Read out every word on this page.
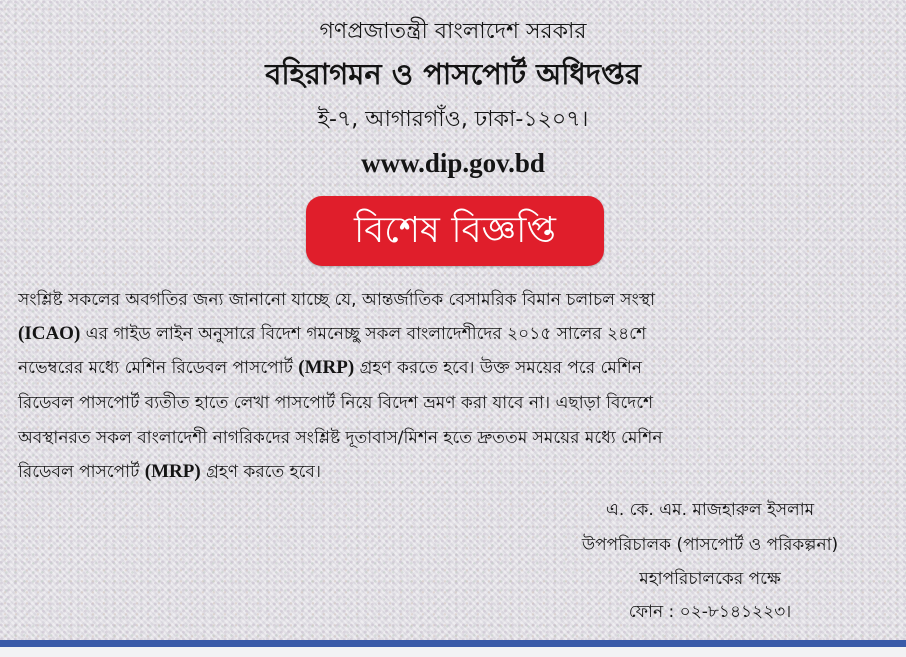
গণপ্রজাতন্ত্রী বাংলাদেশ সরকার
বহিরাগমন ও পাসপোর্ট অধিদপ্তর
ই-৭, আগারগাঁও, ঢাকা-১২০৭।
www.dip.gov.bd
বিশেষ বিজ্ঞপ্তি
সংশ্লিষ্ট সকলের অবগতির জন্য জানানো যাচ্ছে যে, আন্তর্জাতিক বেসামরিক বিমান চলাচল সংস্থা
(ICAO) এর গাইড লাইন অনুসারে বিদেশ গমনেচ্ছু সকল বাংলাদেশীদের ২০১৫ সালের ২৪শে
নভেম্বরের মধ্যে মেশিন রিডেবল পাসপোর্ট (MRP) গ্রহণ করতে হবে। উক্ত সময়ের পরে মেশিন
রিডেবল পাসপোর্ট ব্যতীত হাতে লেখা পাসপোর্ট নিয়ে বিদেশ ভ্রমণ করা যাবে না। এছাড়া বিদেশে
অবস্থানরত সকল বাংলাদেশী নাগরিকদের সংশ্লিষ্ট দূতাবাস/মিশন হতে দ্রুততম সময়ের মধ্যে মেশিন
রিডেবল পাসপোর্ট (MRP) গ্রহণ করতে হবে।
এ. কে. এম. মাজহারুল ইসলাম
উপপরিচালক (পাসপোর্ট ও পরিকল্পনা)
মহাপরিচালকের পক্ষে
ফোন : ০২-৮১৪১২২৩।
